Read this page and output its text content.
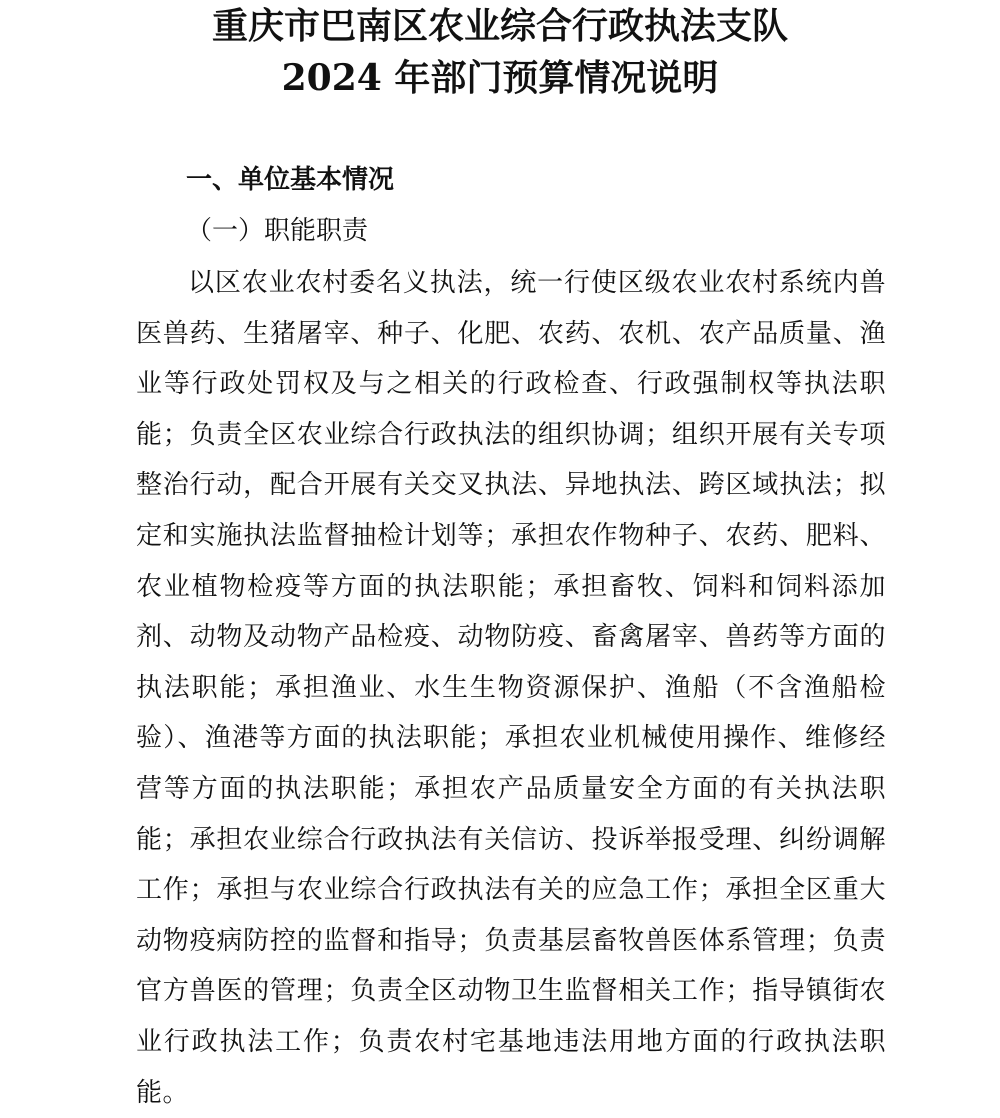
重庆市巴南区农业综合行政执法支队
2024 年部门预算情况说明
一、单位基本情况
（一）职能职责

以区农业农村委名义执法，统一行使区级农业农村系统内兽医兽药、生猪屠宰、种子、化肥、农药、农机、农产品质量、渔业等行政处罚权及与之相关的行政检查、行政强制权等执法职能；负责全区农业综合行政执法的组织协调；组织开展有关专项整治行动，配合开展有关交叉执法、异地执法、跨区域执法；拟定和实施执法监督抽检计划等；承担农作物种子、农药、肥料、农业植物检疫等方面的执法职能；承担畜牧、饲料和饲料添加剂、动物及动物产品检疫、动物防疫、畜禽屠宰、兽药等方面的执法职能；承担渔业、水生生物资源保护、渔船（不含渔船检验）、渔港等方面的执法职能；承担农业机械使用操作、维修经营等方面的执法职能；承担农产品质量安全方面的有关执法职能；承担农业综合行政执法有关信访、投诉举报受理、纠纷调解工作；承担与农业综合行政执法有关的应急工作；承担全区重大动物疫病防控的监督和指导；负责基层畜牧兽医体系管理；负责官方兽医的管理；负责全区动物卫生监督相关工作；指导镇街农业行政执法工作；负责农村宅基地违法用地方面的行政执法职能。
